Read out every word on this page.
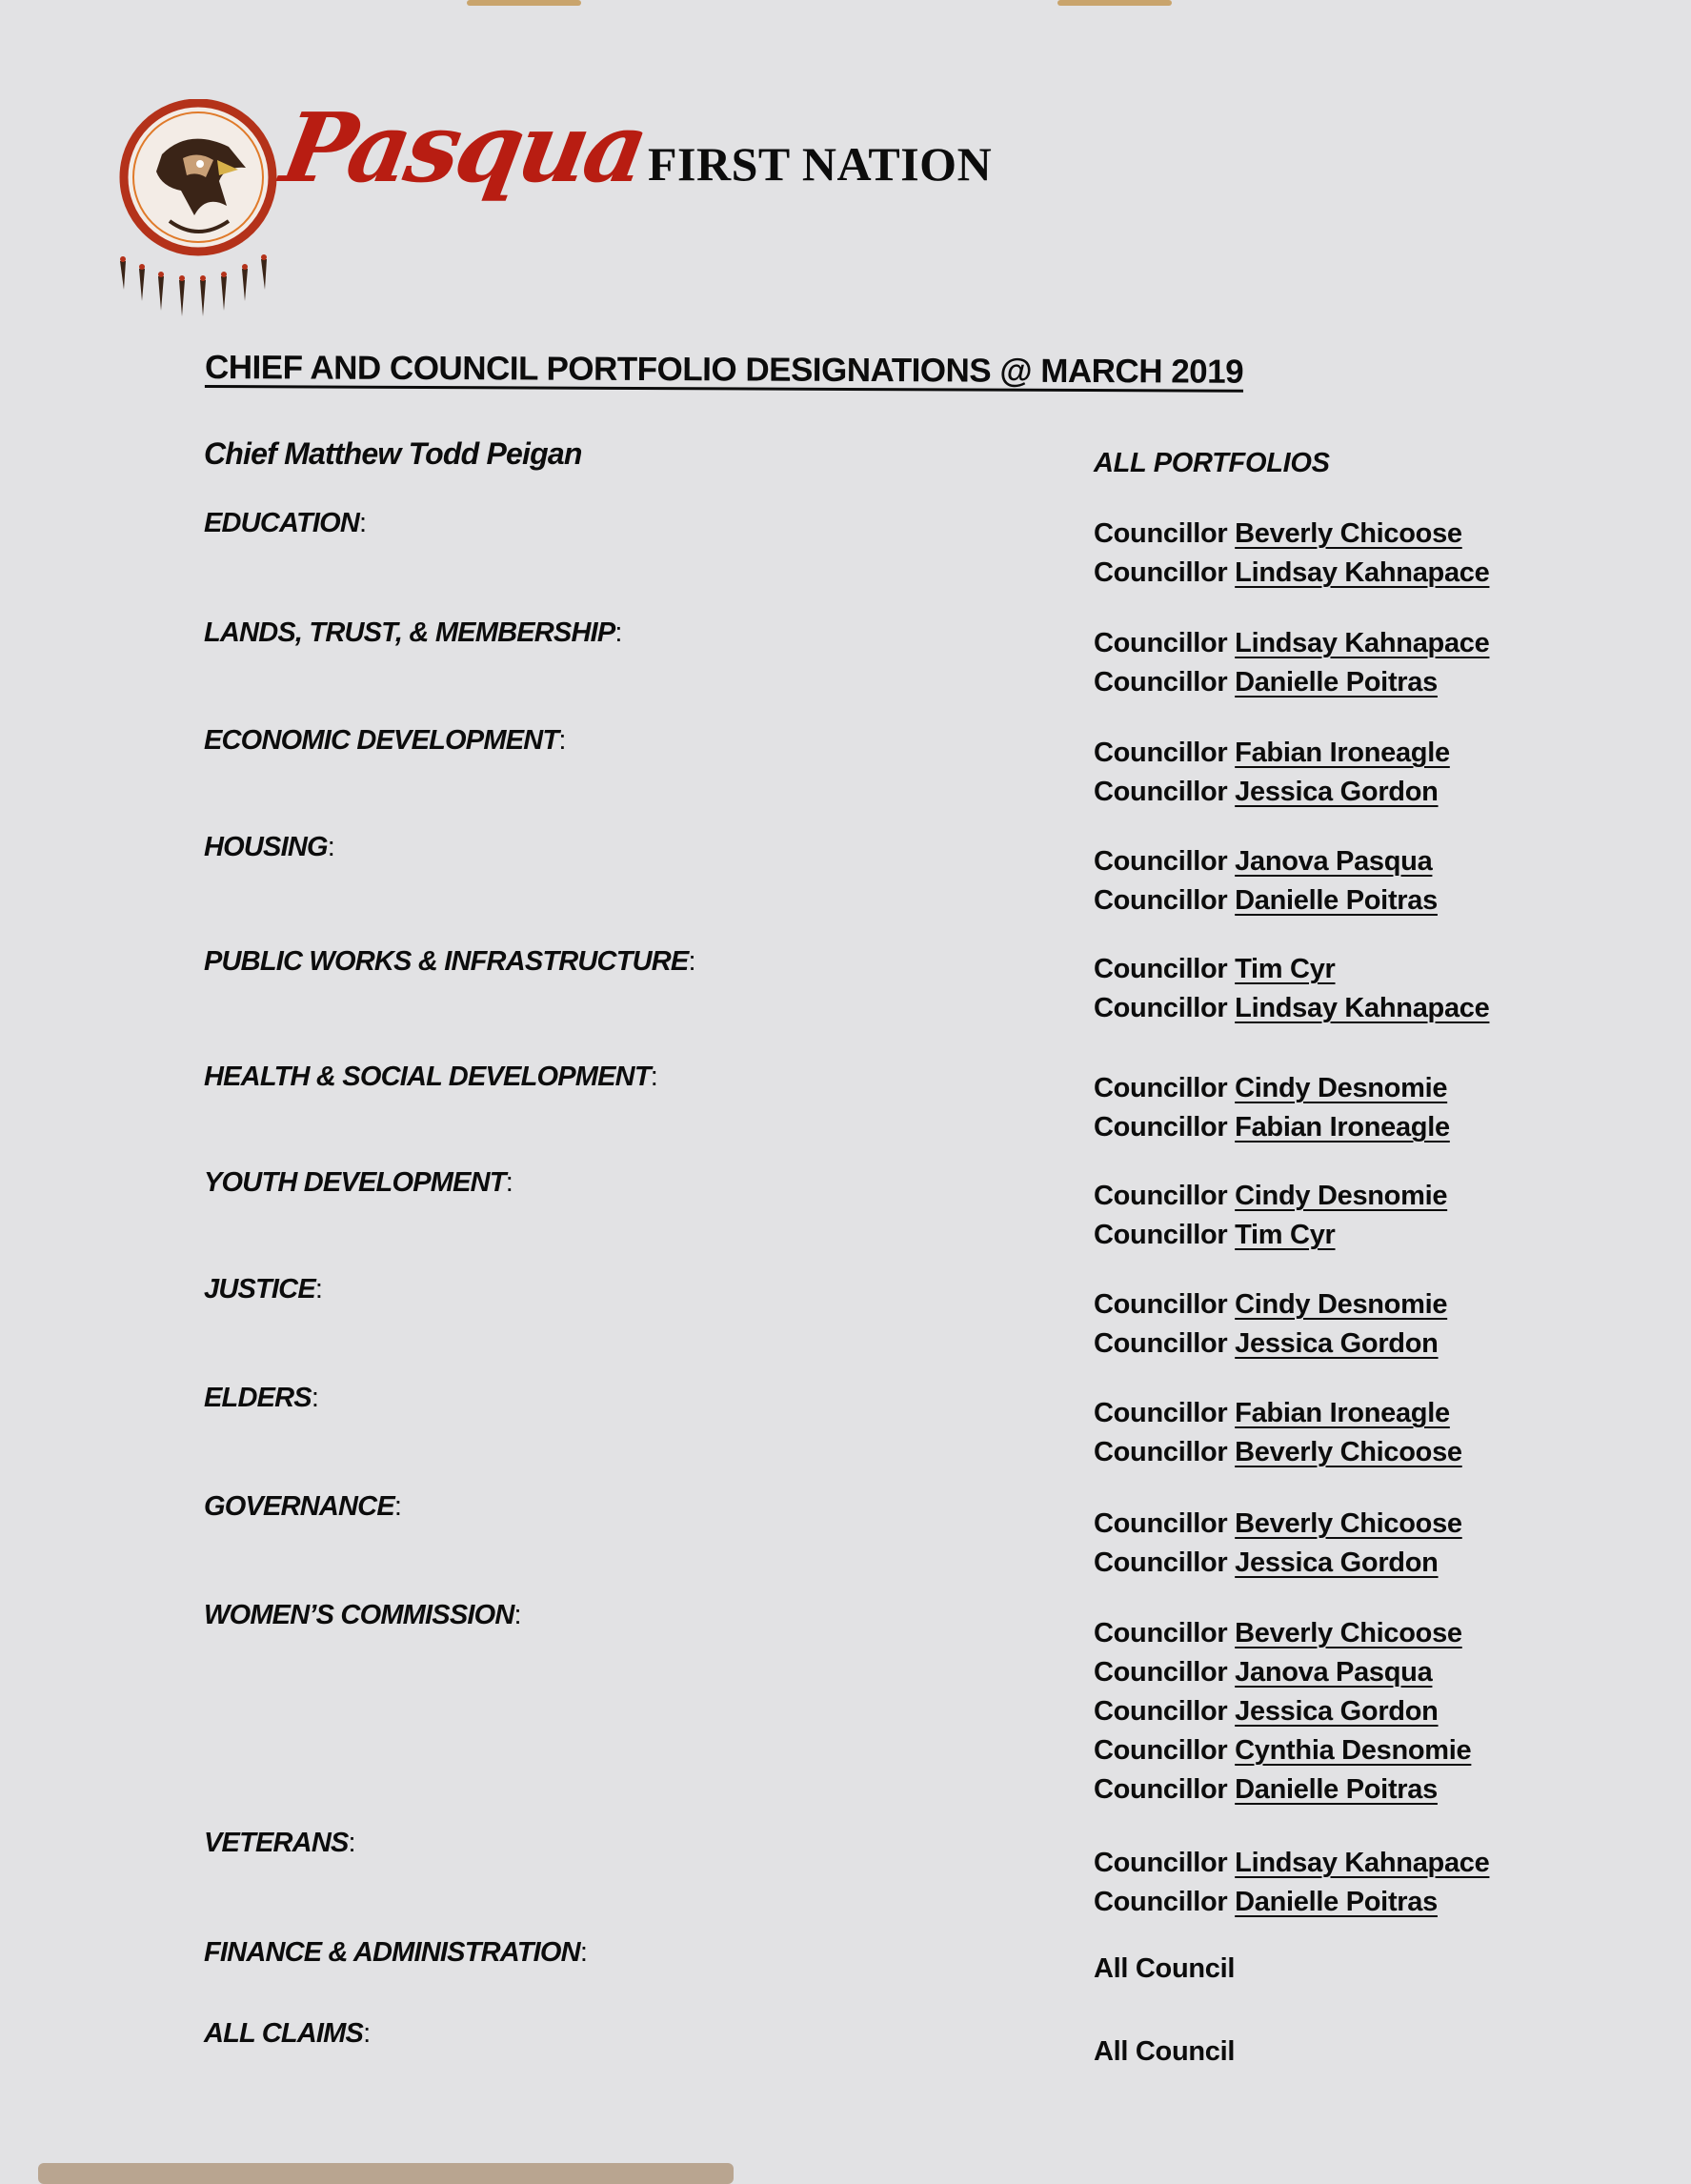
Pasqua
FIRST NATION
CHIEF AND COUNCIL PORTFOLIO DESIGNATIONS @ MARCH 2019
Chief Matthew Todd Peigan	ALL PORTFOLIOS
EDUCATION:	Councillor Beverly Chicoose
Councillor Lindsay Kahnapace
LANDS, TRUST, & MEMBERSHIP:	Councillor Lindsay Kahnapace
Councillor Danielle Poitras
ECONOMIC DEVELOPMENT:	Councillor Fabian Ironeagle
Councillor Jessica Gordon
HOUSING:	Councillor Janova Pasqua
Councillor Danielle Poitras
PUBLIC WORKS & INFRASTRUCTURE:	Councillor Tim Cyr
Councillor Lindsay Kahnapace
HEALTH & SOCIAL DEVELOPMENT:	Councillor Cindy Desnomie
Councillor Fabian Ironeagle
YOUTH DEVELOPMENT:	Councillor Cindy Desnomie
Councillor Tim Cyr
JUSTICE:	Councillor Cindy Desnomie
Councillor Jessica Gordon
ELDERS:	Councillor Fabian Ironeagle
Councillor Beverly Chicoose
GOVERNANCE:
Councillor Beverly Chicoose
Councillor Jessica Gordon
WOMEN’S COMMISSION:
Councillor Beverly Chicoose
Councillor Janova Pasqua
Councillor Jessica Gordon
Councillor Cynthia Desnomie
Councillor Danielle Poitras
VETERANS:
Councillor Lindsay Kahnapace
Councillor Danielle Poitras
FINANCE & ADMINISTRATION:
All Council
ALL CLAIMS:
All Council
